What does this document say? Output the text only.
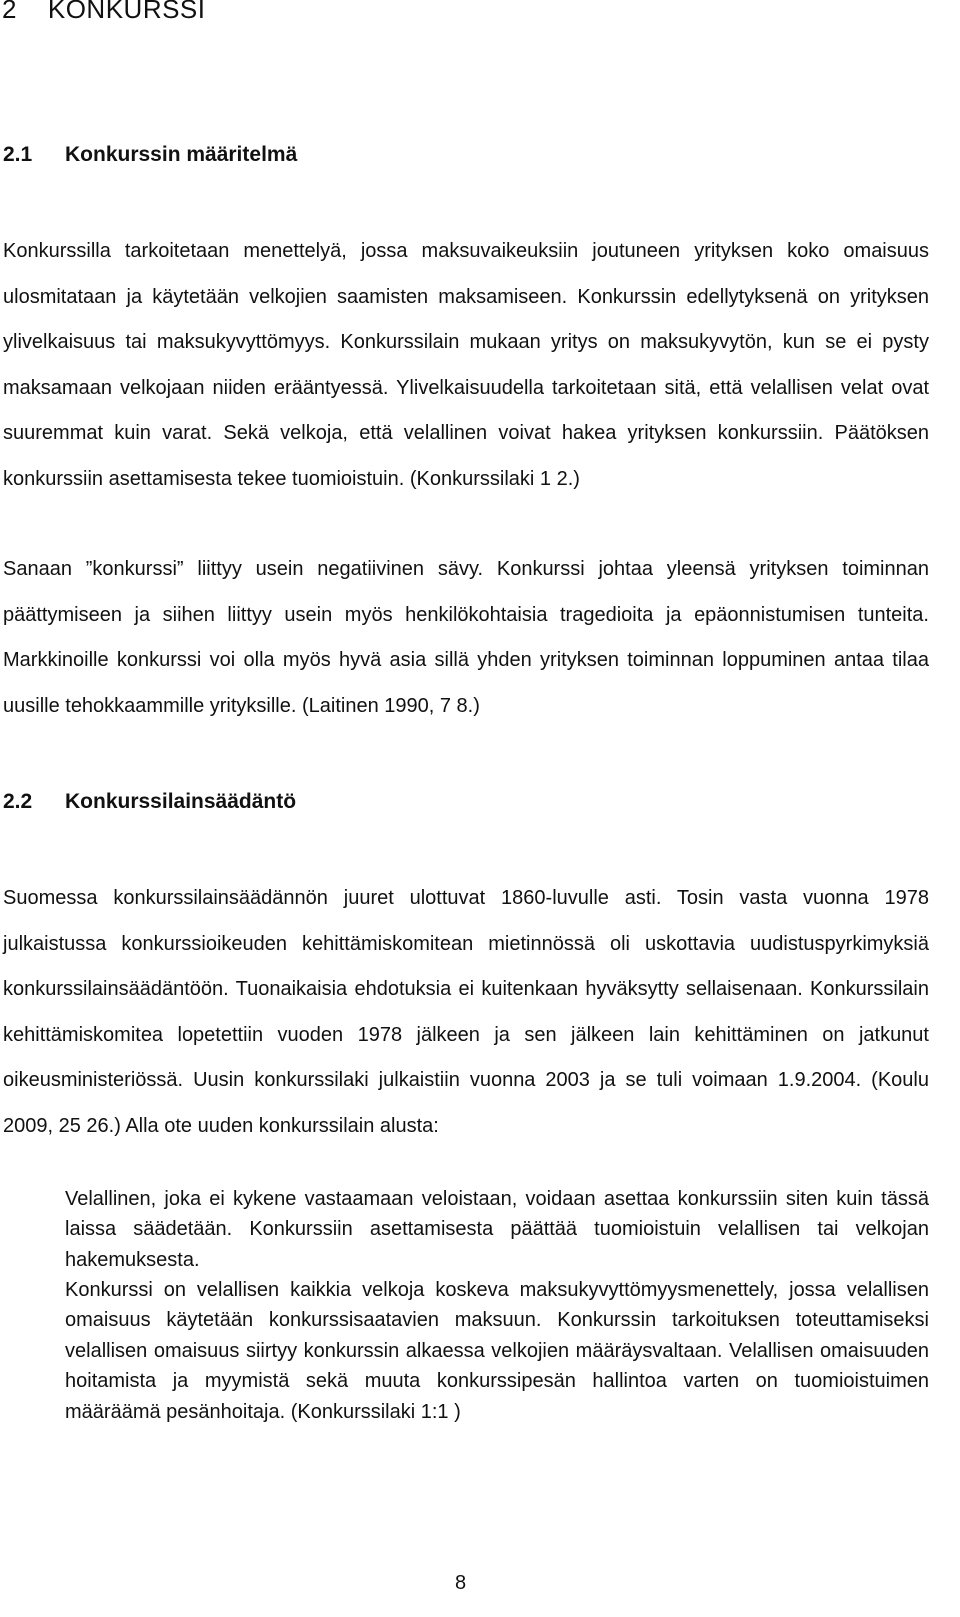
2    KONKURSSI
2.1 Konkurssin määritelmä

Konkurssilla tarkoitetaan menettelyä, jossa maksuvaikeuksiin joutuneen yrityksen koko omaisuus ulosmitataan ja käytetään velkojien saamisten maksamiseen. Konkurssin edellytyksenä on yrityksen ylivelkaisuus tai maksukyvyttömyys. Konkurssilain mukaan yritys on maksukyvytön, kun se ei pysty maksamaan velkojaan niiden erääntyessä. Ylivelkaisuudella tarkoitetaan sitä, että velallisen velat ovat suuremmat kuin varat. Sekä velkoja, että velallinen voivat hakea yrityksen konkurssiin. Päätöksen konkurssiin asettamisesta tekee tuomioistuin. (Konkurssilaki 1 2.)

Sanaan ”konkurssi” liittyy usein negatiivinen sävy. Konkurssi johtaa yleensä yrityksen toiminnan päättymiseen ja siihen liittyy usein myös henkilökohtaisia tragedioita ja epäonnistumisen tunteita. Markkinoille konkurssi voi olla myös hyvä asia sillä yhden yrityksen toiminnan loppuminen antaa tilaa uusille tehokkaammille yrityksille. (Laitinen 1990, 7 8.)

2.2 Konkurssilainsäädäntö

Suomessa konkurssilainsäädännön juuret ulottuvat 1860-luvulle asti. Tosin vasta vuonna 1978 julkaistussa konkurssioikeuden kehittämiskomitean mietinnössä oli uskottavia uudistuspyrkimyksiä konkurssilainsäädäntöön. Tuonaikaisia ehdotuksia ei kuitenkaan hyväksytty sellaisenaan. Konkurssilain kehittämiskomitea lopetettiin vuoden 1978 jälkeen ja sen jälkeen lain kehittäminen on jatkunut oikeusministeriössä. Uusin konkurssilaki julkaistiin vuonna 2003 ja se tuli voimaan 1.9.2004. (Koulu 2009, 25 26.) Alla ote uuden konkurssilain alusta:

Velallinen, joka ei kykene vastaamaan veloistaan, voidaan asettaa konkurssiin siten kuin tässä laissa säädetään. Konkurssiin asettamisesta päättää tuomioistuin velallisen tai velkojan hakemuksesta.

Konkurssi on velallisen kaikkia velkoja koskeva maksukyvyttömyysmenettely, jossa velallisen omaisuus käytetään konkurssisaatavien maksuun. Konkurssin tarkoituksen toteuttamiseksi velallisen omaisuus siirtyy konkurssin alkaessa velkojien määräysvaltaan. Velallisen omaisuuden hoitamista ja myymistä sekä muuta konkurssipesän hallintoa varten on tuomioistuimen määräämä pesänhoitaja. (Konkurssilaki 1:1 )

8
